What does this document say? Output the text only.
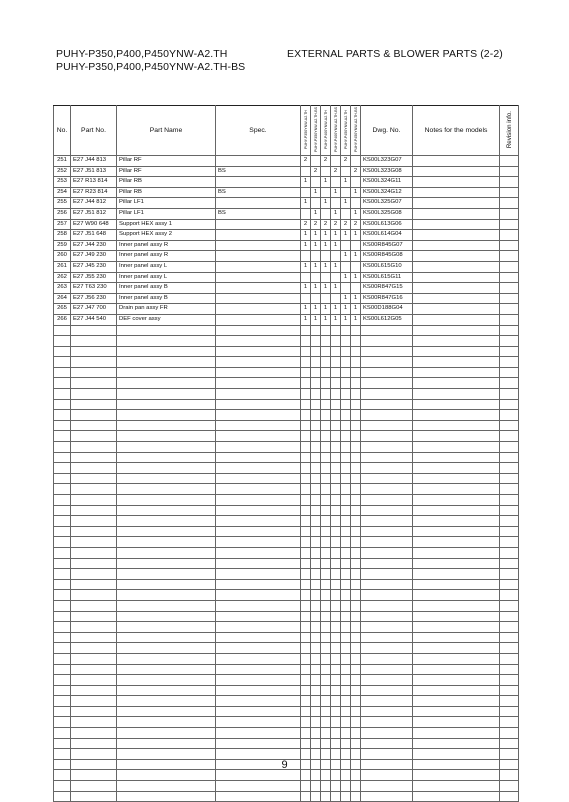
PUHY-P350,P400,P450YNW-A2.TH
PUHY-P350,P400,P450YNW-A2.TH-BS
EXTERNAL PARTS & BLOWER PARTS (2-2)
No.	Part No.	Part Name	Spec.	PUHY-P350YNW-A2.TH	PUHY-P350YNW-A2.TH-BS	PUHY-P400YNW-A2.TH	PUHY-P400YNW-A2.TH-BS	PUHY-P450YNW-A2.TH	PUHY-P450YNW-A2.TH-BS	Dwg. No.	Notes for the models	Revision info.
251	E27 J44 813	Pillar RF		2		2		2		KS00L323G07		
252	E27 J51 813	Pillar RF	BS		2		2		2	KS00L323G08		
253	E27 R13 814	Pillar RB		1		1		1		KS00L324G11		
254	E27 R23 814	Pillar RB	BS		1		1		1	KS00L324G12		
255	E27 J44 812	Pillar LF1		1		1		1		KS00L325G07		
256	E27 J51 812	Pillar LF1	BS		1		1		1	KS00L325G08		
257	E27 W90 648	Support HEX assy 1		2	2	2	2	2	2	KS00L613G06		
258	E27 J51 648	Support HEX assy 2		1	1	1	1	1	1	KS00L614G04		
259	E27 J44 230	Inner panel assy R		1	1	1	1			KS00R845G07		
260	E27 J49 230	Inner panel assy R						1	1	KS00R845G08		
261	E27 J45 230	Inner panel assy L		1	1	1	1			KS00L615G10		
262	E27 J55 230	Inner panel assy L						1	1	KS00L615G11		
263	E27 T63 230	Inner panel assy B		1	1	1	1			KS00R847G15		
264	E27 J56 230	Inner panel assy B						1	1	KS00R847G16		
265	E27 J47 700	Drain pan assy FR		1	1	1	1	1	1	KS00D188G04		
266	E27 J44 540	DEF cover assy		1	1	1	1	1	1	KS00L612G05		

9
